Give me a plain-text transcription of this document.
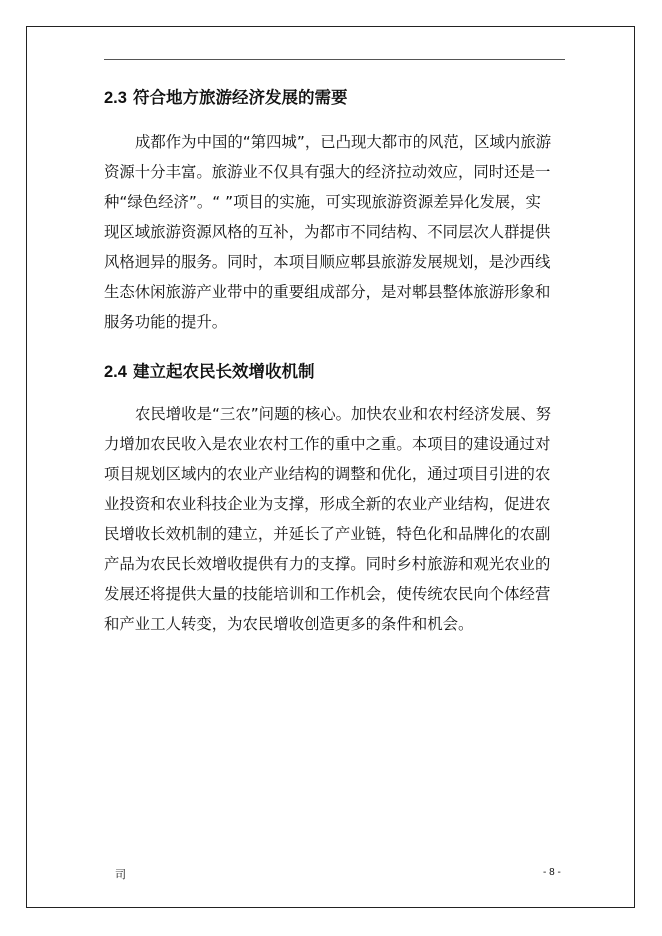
2.3 符合地方旅游经济发展的需要
成都作为中国的“第四城”，已凸现大都市的风范，区域内旅游
资源十分丰富。旅游业不仅具有强大的经济拉动效应，同时还是一
种“绿色经济”。“ ”项目的实施，可实现旅游资源差异化发展，实
现区域旅游资源风格的互补，为都市不同结构、不同层次人群提供
风格迥异的服务。同时，本项目顺应郫县旅游发展规划，是沙西线
生态休闲旅游产业带中的重要组成部分，是对郫县整体旅游形象和
服务功能的提升。
2.4 建立起农民长效增收机制
农民增收是“三农”问题的核心。加快农业和农村经济发展、努
力增加农民收入是农业农村工作的重中之重。本项目的建设通过对
项目规划区域内的农业产业结构的调整和优化，通过项目引进的农
业投资和农业科技企业为支撑，形成全新的农业产业结构，促进农
民增收长效机制的建立，并延长了产业链，特色化和品牌化的农副
产品为农民长效增收提供有力的支撑。同时乡村旅游和观光农业的
发展还将提供大量的技能培训和工作机会，使传统农民向个体经营
和产业工人转变，为农民增收创造更多的条件和机会。
司	- 8 -
